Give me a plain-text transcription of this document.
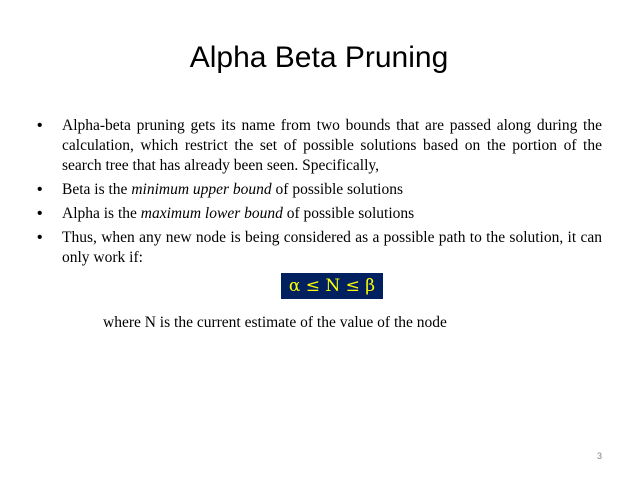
Alpha Beta Pruning
• Alpha-beta pruning gets its name from two bounds that are passed along during the calculation, which restrict the set of possible solutions based on the portion of the search tree that has already been seen. Specifically,
• Beta is the minimum upper bound of possible solutions
• Alpha is the maximum lower bound of possible solutions
• Thus, when any new node is being considered as a possible path to the solution, it can only work if:
α ≤ N ≤ β
where N is the current estimate of the value of the node
3
